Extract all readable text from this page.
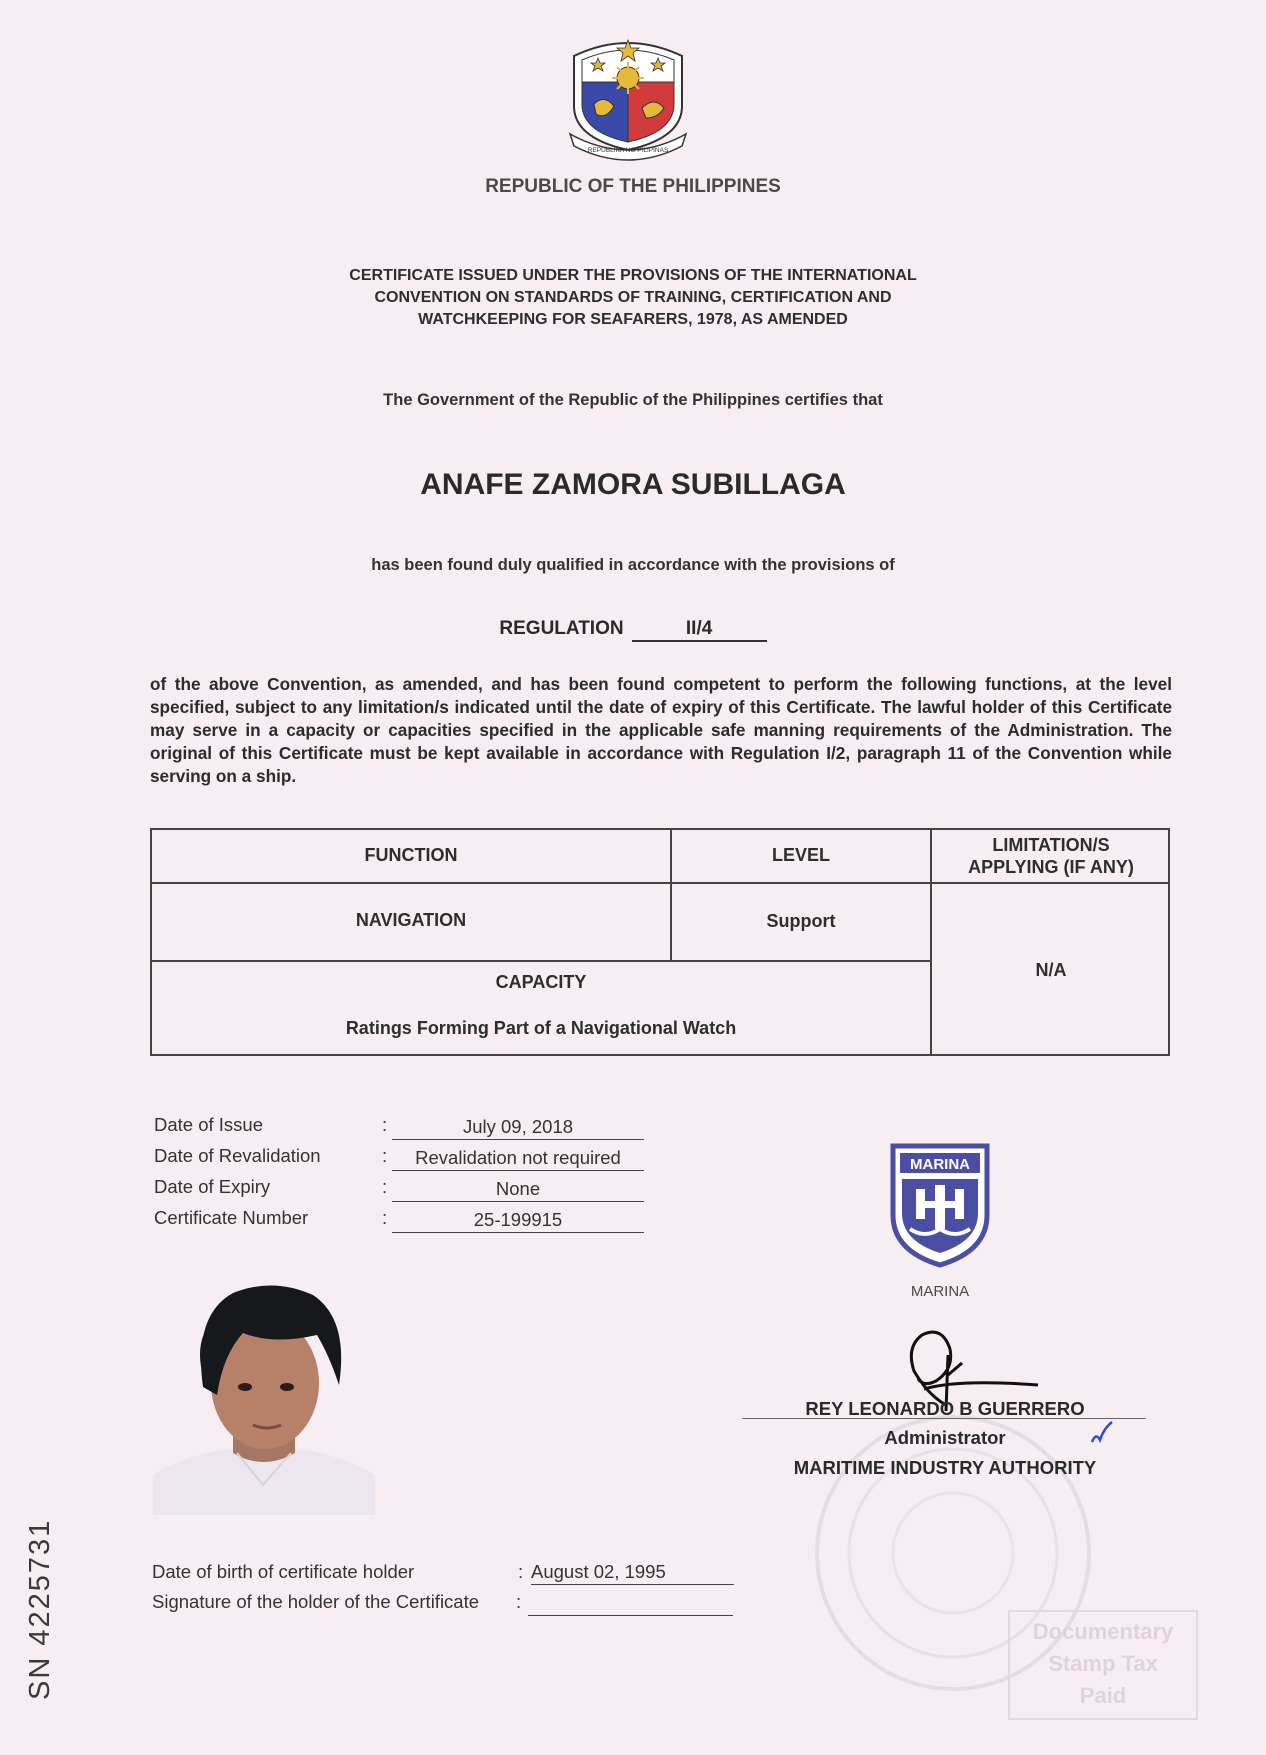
REPUBLIKA NG PILIPINAS
REPUBLIC OF THE PHILIPPINES
CERTIFICATE ISSUED UNDER THE PROVISIONS OF THE INTERNATIONAL
CONVENTION ON STANDARDS OF TRAINING, CERTIFICATION AND
WATCHKEEPING FOR SEAFARERS, 1978, AS AMENDED
The Government of the Republic of the Philippines certifies that
ANAFE ZAMORA SUBILLAGA
has been found duly qualified in accordance with the provisions of
REGULATION	II/4
of the above Convention, as amended, and has been found competent to perform the following functions, at the level specified, subject to any limitation/s indicated until the date of expiry of this Certificate. The lawful holder of this Certificate may serve in a capacity or capacities specified in the applicable safe manning requirements of the Administration. The original of this Certificate must be kept available in accordance with Regulation I/2, paragraph 11 of the Convention while serving on a ship.
FUNCTION	LEVEL	LIMITATION/S
APPLYING (IF ANY)
NAVIGATION	Support
N/A
CAPACITY
Ratings Forming Part of a Navigational Watch
Date of Issue	:	July 09, 2018
Date of Revalidation	:	Revalidation not required
Date of Expiry	:	None
Certificate Number	:	25-199915
MARINA
MARINA
Documentary
Stamp Tax
Paid
REY LEONARDO B GUERRERO
Administrator
MARITIME INDUSTRY AUTHORITY
SN 4225731	Date of birth of certificate holder	: August 02, 1995
Signature of the holder of the Certificate :
